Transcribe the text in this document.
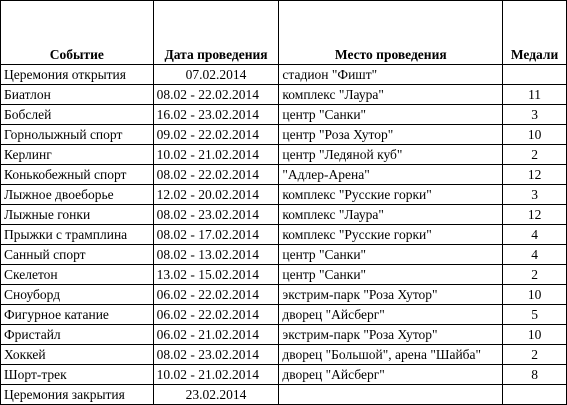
Событие	Дата проведения	Место проведения	Медали
Церемония открытия	07.02.2014	стадион "Фишт"	
Биатлон	08.02 - 22.02.2014	комплекс "Лаура"	11
Бобслей	16.02 - 23.02.2014	центр "Санки"	3
Горнолыжный спорт	09.02 - 22.02.2014	центр "Роза Хутор"	10
Керлинг	10.02 - 21.02.2014	центр "Ледяной куб"	2
Конькобежный спорт	08.02 - 22.02.2014	"Адлер-Арена"	12
Лыжное двоеборье	12.02 - 20.02.2014	комплекс "Русские горки"	3
Лыжные гонки	08.02 - 23.02.2014	комплекс "Лаура"	12
Прыжки с трамплина	08.02 - 17.02.2014	комплекс "Русские горки"	4
Санный спорт	08.02 - 13.02.2014	центр "Санки"	4
Скелетон	13.02 - 15.02.2014	центр "Санки"	2
Сноуборд	06.02 - 22.02.2014	экстрим-парк "Роза Хутор"	10
Фигурное катание	06.02 - 22.02.2014	дворец "Айсберг"	5
Фристайл	06.02 - 21.02.2014	экстрим-парк "Роза Хутор"	10
Хоккей	08.02 - 23.02.2014	дворец "Большой", арена "Шайба"	2
Шорт-трек	10.02 - 21.02.2014	дворец "Айсберг"	8
Церемония закрытия	23.02.2014		
